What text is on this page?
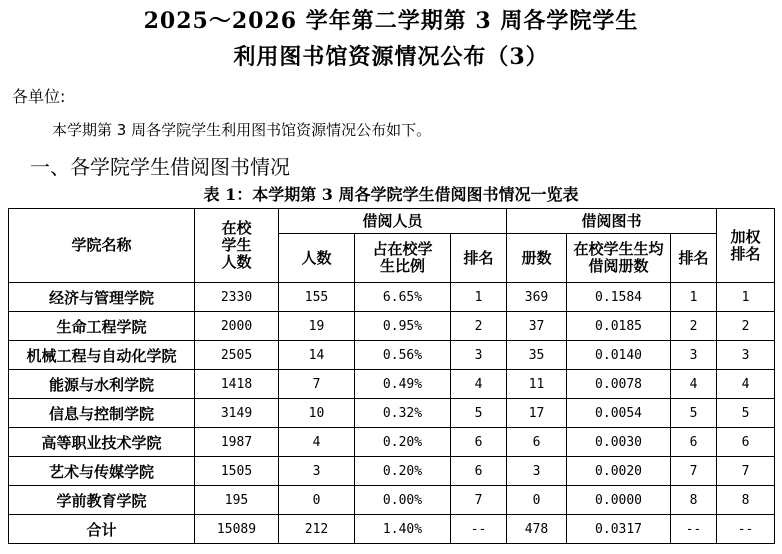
2025～2026 学年第二学期第 3 周各学院学生
利用图书馆资源情况公布（3）
各单位:
本学期第 3 周各学院学生利用图书馆资源情况公布如下。
一、各学院学生借阅图书情况
表 1：本学期第 3 周各学院学生借阅图书情况一览表
学院名称	在校学生人数	借阅人员			借阅图书			加权排名
		人数	占在校学生比例	排名	册数	在校学生生均借阅册数	排名	
经济与管理学院	2330	155	6.65%	1	369	0.1584	1	1
生命工程学院	2000	19	0.95%	2	37	0.0185	2	2
机械工程与自动化学院	2505	14	0.56%	3	35	0.0140	3	3
能源与水利学院	1418	7	0.49%	4	11	0.0078	4	4
信息与控制学院	3149	10	0.32%	5	17	0.0054	5	5
高等职业技术学院	1987	4	0.20%	6	6	0.0030	6	6
艺术与传媒学院	1505	3	0.20%	6	3	0.0020	7	7
学前教育学院	195	0	0.00%	7	0	0.0000	8	8
合计	15089	212	1.40%	--	478	0.0317	--	--
